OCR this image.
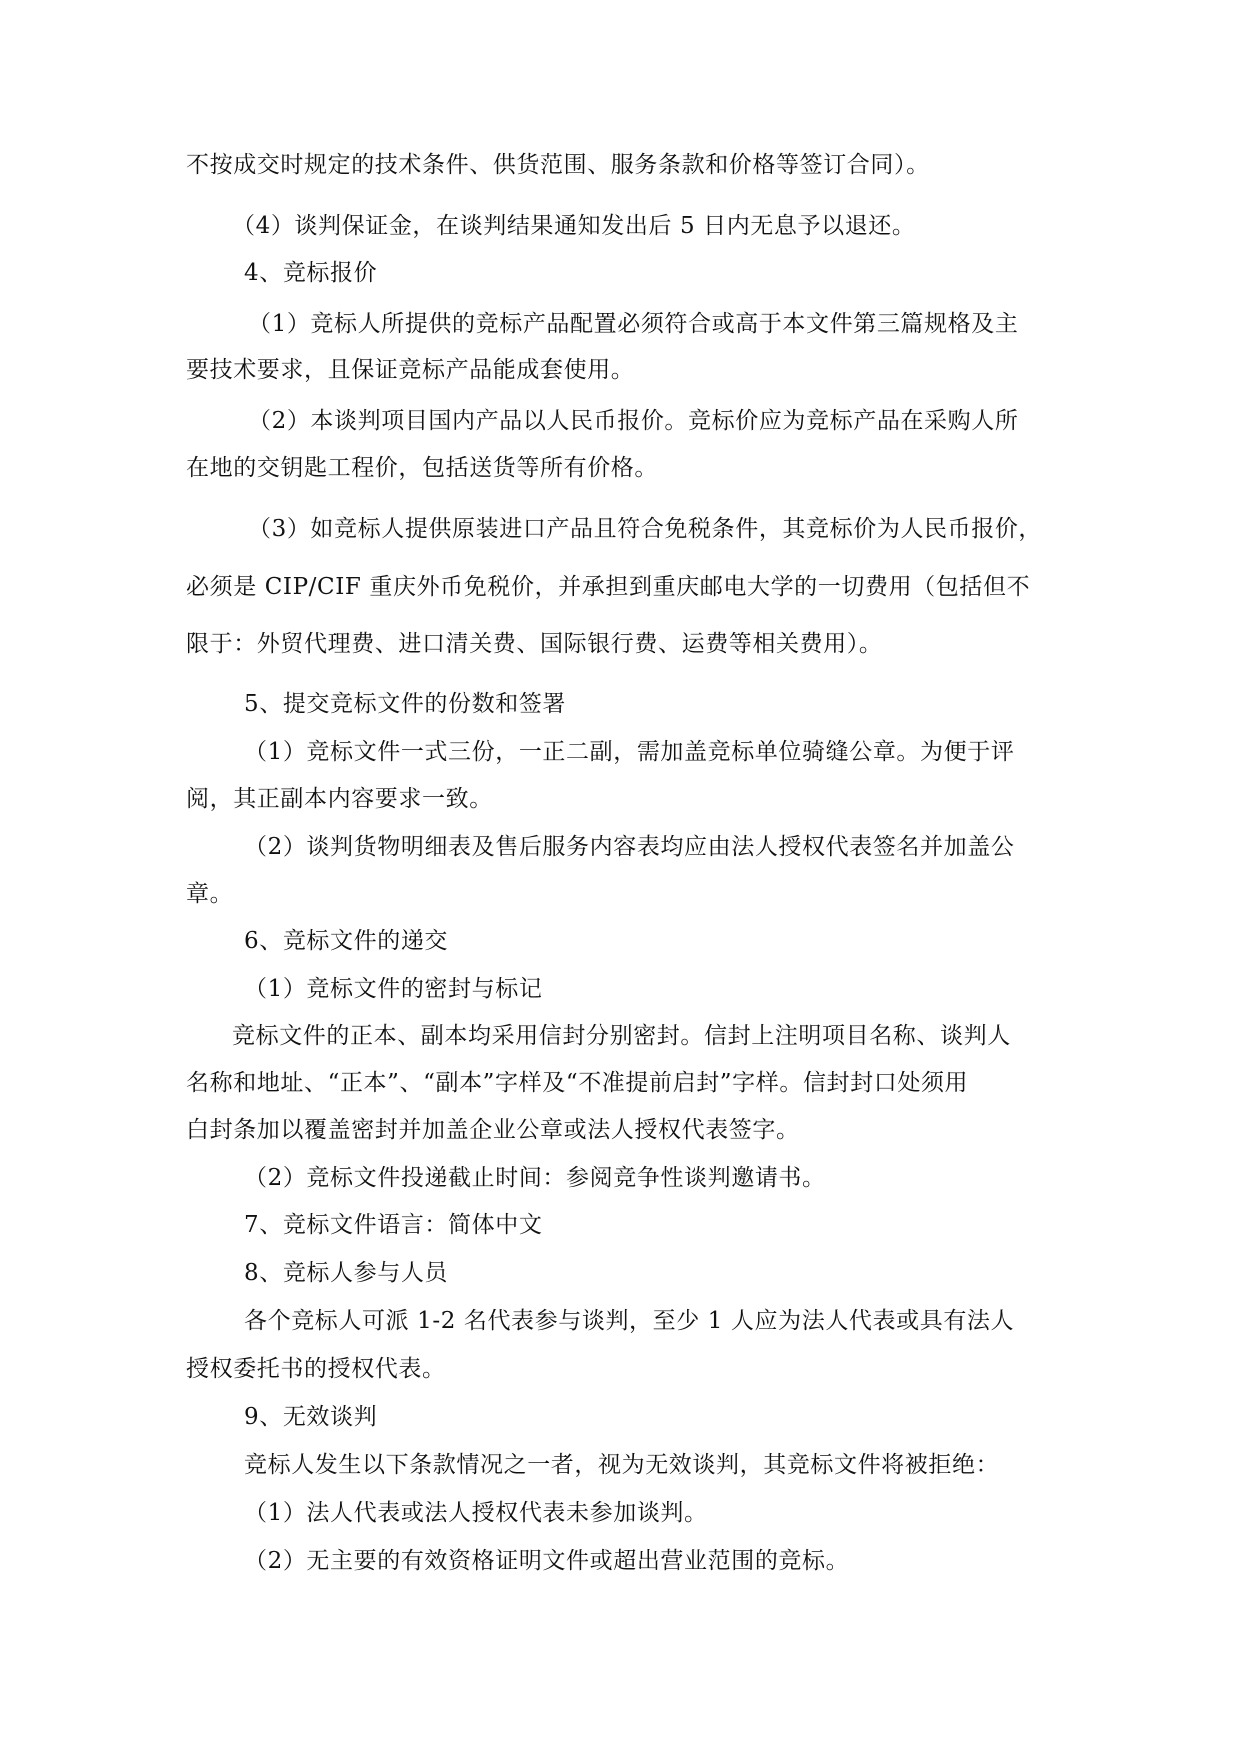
不按成交时规定的技术条件、供货范围、服务条款和价格等签订合同）。
（4）谈判保证金，在谈判结果通知发出后 5 日内无息予以退还。
4、竞标报价
（1）竞标人所提供的竞标产品配置必须符合或高于本文件第三篇规格及主
要技术要求，且保证竞标产品能成套使用。
（2）本谈判项目国内产品以人民币报价。竞标价应为竞标产品在采购人所
在地的交钥匙工程价，包括送货等所有价格。
（3）如竞标人提供原装进口产品且符合免税条件，其竞标价为人民币报价，
必须是 CIP/CIF 重庆外币免税价，并承担到重庆邮电大学的一切费用（包括但不
限于：外贸代理费、进口清关费、国际银行费、运费等相关费用）。
5、提交竞标文件的份数和签署
（1）竞标文件一式三份，一正二副，需加盖竞标单位骑缝公章。为便于评
阅，其正副本内容要求一致。
（2）谈判货物明细表及售后服务内容表均应由法人授权代表签名并加盖公
章。
6、竞标文件的递交
（1）竞标文件的密封与标记
竞标文件的正本、副本均采用信封分别密封。信封上注明项目名称、谈判人
名称和地址、“正本”、“副本”字样及“不准提前启封”字样。信封封口处须用
白封条加以覆盖密封并加盖企业公章或法人授权代表签字。
（2）竞标文件投递截止时间：参阅竞争性谈判邀请书。
7、竞标文件语言：简体中文
8、竞标人参与人员
各个竞标人可派 1-2 名代表参与谈判，至少 1 人应为法人代表或具有法人
授权委托书的授权代表。
9、无效谈判
竞标人发生以下条款情况之一者，视为无效谈判，其竞标文件将被拒绝：
（1）法人代表或法人授权代表未参加谈判。
（2）无主要的有效资格证明文件或超出营业范围的竞标。
